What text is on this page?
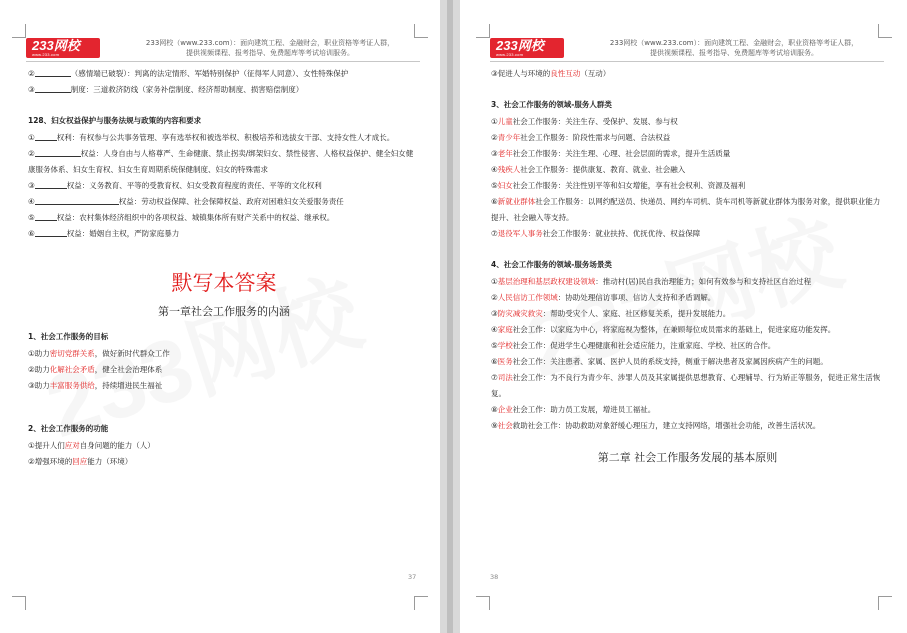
233网校
www.233.com
233网校（www.233.com）：面向建筑工程、金融财会，职业资格等考证人群，
提供视频课程、报考指导、免费题库等考试培训服务。
②	（感情端已破裂）：判离的法定情形、军婚特别保护（征得军人同意）、女性特殊保护
③	制度：三道救济防线（家务补偿制度、经济帮助制度、损害赔偿制度）
128、妇女权益保护与服务法规与政策的内容和要求
①	权利：有权参与公共事务管理、享有选举权和被选举权、积极培养和选拔女干部、支持女性人才成长。
②	权益：人身自由与人格尊严、生命健康、禁止拐卖/绑架妇女、禁性侵害、人格权益保护、健全妇女健康服务体系、妇女生育权、妇女生育周期系统保健制度、妇女的特殊需求
③	权益：义务教育、平等的受教育权、妇女受教育程度的责任、平等的文化权利
④	权益：劳动权益保障、社会保障权益、政府对困难妇女关爱服务责任
⑤	权益：农村集体经济组织中的各项权益、城镇集体所有财产关系中的权益、继承权。
⑥	权益：婚姻自主权，严防家庭暴力
默写本答案
第一章社会工作服务的内涵
1、社会工作服务的目标
①助力密切党群关系，做好新时代群众工作
②助力化解社会矛盾，健全社会治理体系
③助力丰富服务供给，持续增进民生福祉
2、社会工作服务的功能
①提升人们应对自身问题的能力（人）
②增强环境的回应能力（环境）
37
233网校
www.233.com
233网校（www.233.com）：面向建筑工程、金融财会，职业资格等考证人群，
提供视频课程、报考指导、免费题库等考试培训服务。
③促进人与环境的良性互动（互动）
3、社会工作服务的领域-服务人群类
①儿童社会工作服务：关注生存、受保护、发展、参与权
②青少年社会工作服务：阶段性需求与问题、合法权益
③老年社会工作服务：关注生理、心理、社会层面的需求，提升生活质量
④残疾人社会工作服务：提供康复、教育、就业、社会融入
⑤妇女社会工作服务：关注性别平等和妇女增能，享有社会权利、资源及福利
⑥新就业群体社会工作服务：以网约配送员、快递员、网约车司机、货车司机等新就业群体为服务对象，提供职业能力提升、社会融入等支持。
⑦退役军人事务社会工作服务：就业扶持、优抚优待、权益保障
4、社会工作服务的领域-服务场景类
①基层治理和基层政权建设领域：推动村(居)民自我治理能力；如何有效参与和支持社区自治过程
②人民信访工作领域：协助处理信访事项、信访人支持和矛盾调解。
③防灾减灾救灾：帮助受灾个人、家庭、社区修复关系，提升发展能力。
④家庭社会工作：以家庭为中心，将家庭视为整体，在兼顾每位成员需求的基础上，促进家庭功能发挥。
⑤学校社会工作：促进学生心理健康和社会适应能力，注重家庭、学校、社区的合作。
⑥医务社会工作：关注患者、家属、医护人员的系统支持，侧重于解决患者及家属因疾病产生的问题。
⑦司法社会工作：为不良行为青少年、涉罪人员及其家属提供思想教育、心理辅导、行为矫正等服务，促进正常生活恢复。
⑧企业社会工作：助力员工发展，增进员工福祉。
⑨社会救助社会工作：协助救助对象舒缓心理压力，建立支持网络，增强社会功能，改善生活状况。
第二章 社会工作服务发展的基本原则
38
